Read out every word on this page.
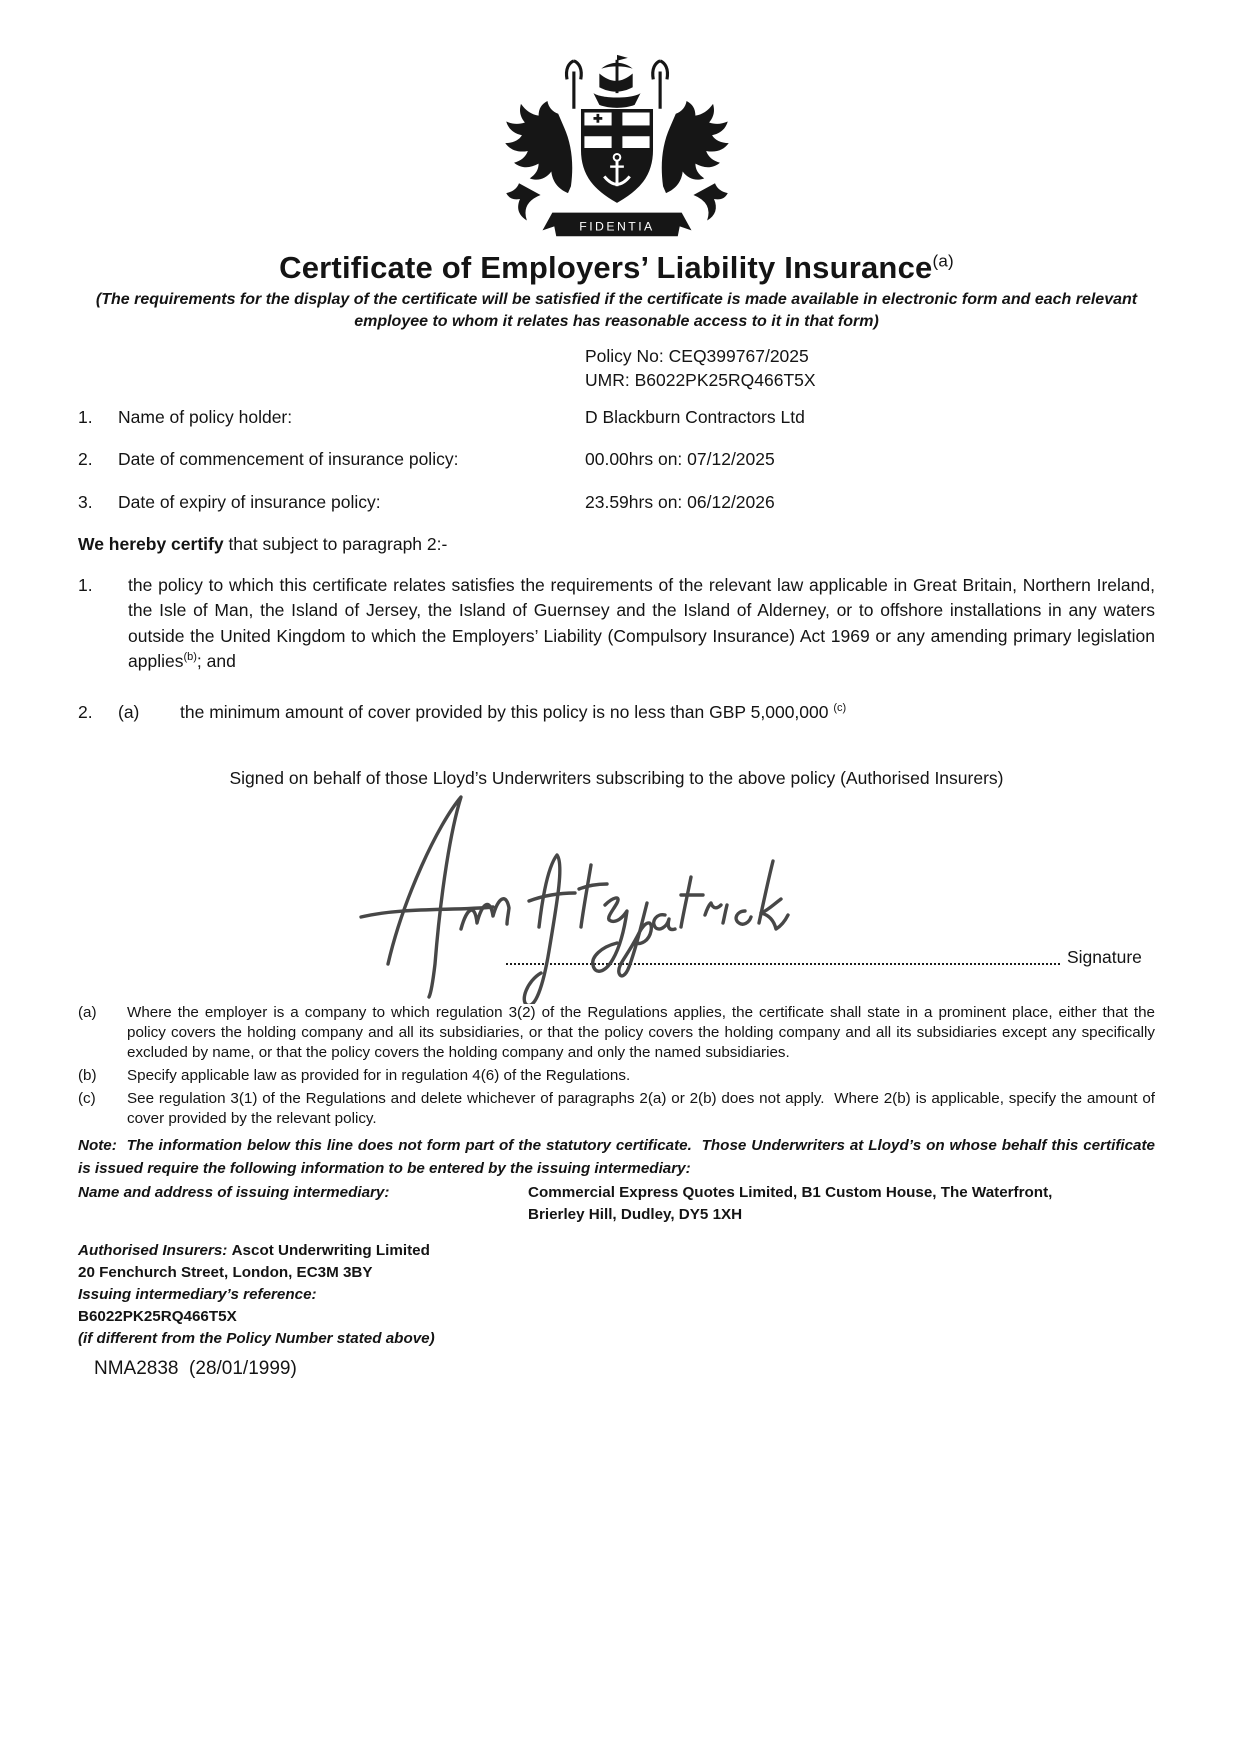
FIDENTIA
Certificate of Employers’ Liability Insurance$^{(a)}$
(The requirements for the display of the certificate will be satisfied if the certificate is made available in electronic form and each relevant employee to whom it relates has reasonable access to it in that form)
Policy No: CEQ399767/2025
UMR: B6022PK25RQ466T5X
1.	Name of policy holder:	D Blackburn Contractors Ltd
2.	Date of commencement of insurance policy:	00.00hrs on: 07/12/2025
3.	Date of expiry of insurance policy:	23.59hrs on: 06/12/2026
We hereby certify that subject to paragraph 2:-
1.	the policy to which this certificate relates satisfies the requirements of the relevant law applicable in Great Britain, Northern Ireland, the Isle of Man, the Island of Jersey, the Island of Guernsey and the Island of Alderney, or to offshore installations in any waters outside the United Kingdom to which the Employers’ Liability (Compulsory Insurance) Act 1969 or any amending primary legislation applies$^{(b)}$; and
2.	(a)	the minimum amount of cover provided by this policy is no less than GBP 5,000,000 $^{(c)}$
Signed on behalf of those Lloyd’s Underwriters subscribing to the above policy (Authorised Insurers)
Signature
(a)	Where the employer is a company to which regulation 3(2) of the Regulations applies, the certificate shall state in a prominent place, either that the policy covers the holding company and all its subsidiaries, or that the policy covers the holding company and all its subsidiaries except any specifically excluded by name, or that the policy covers the holding company and only the named subsidiaries.
(b)	Specify applicable law as provided for in regulation 4(6) of the Regulations.
(c)	See regulation 3(1) of the Regulations and delete whichever of paragraphs 2(a) or 2(b) does not apply.  Where 2(b) is applicable, specify the amount of cover provided by the relevant policy.
Note:  The information below this line does not form part of the statutory certificate.  Those Underwriters at Lloyd’s on whose behalf this certificate is issued require the following information to be entered by the issuing intermediary:
Name and address of issuing intermediary:	Commercial Express Quotes Limited, B1 Custom House, The Waterfront,
Brierley Hill, Dudley, DY5 1XH
Authorised Insurers: Ascot Underwriting Limited
20 Fenchurch Street, London, EC3M 3BY
Issuing intermediary’s reference:
B6022PK25RQ466T5X
(if different from the Policy Number stated above)
NMA2838  (28/01/1999)
